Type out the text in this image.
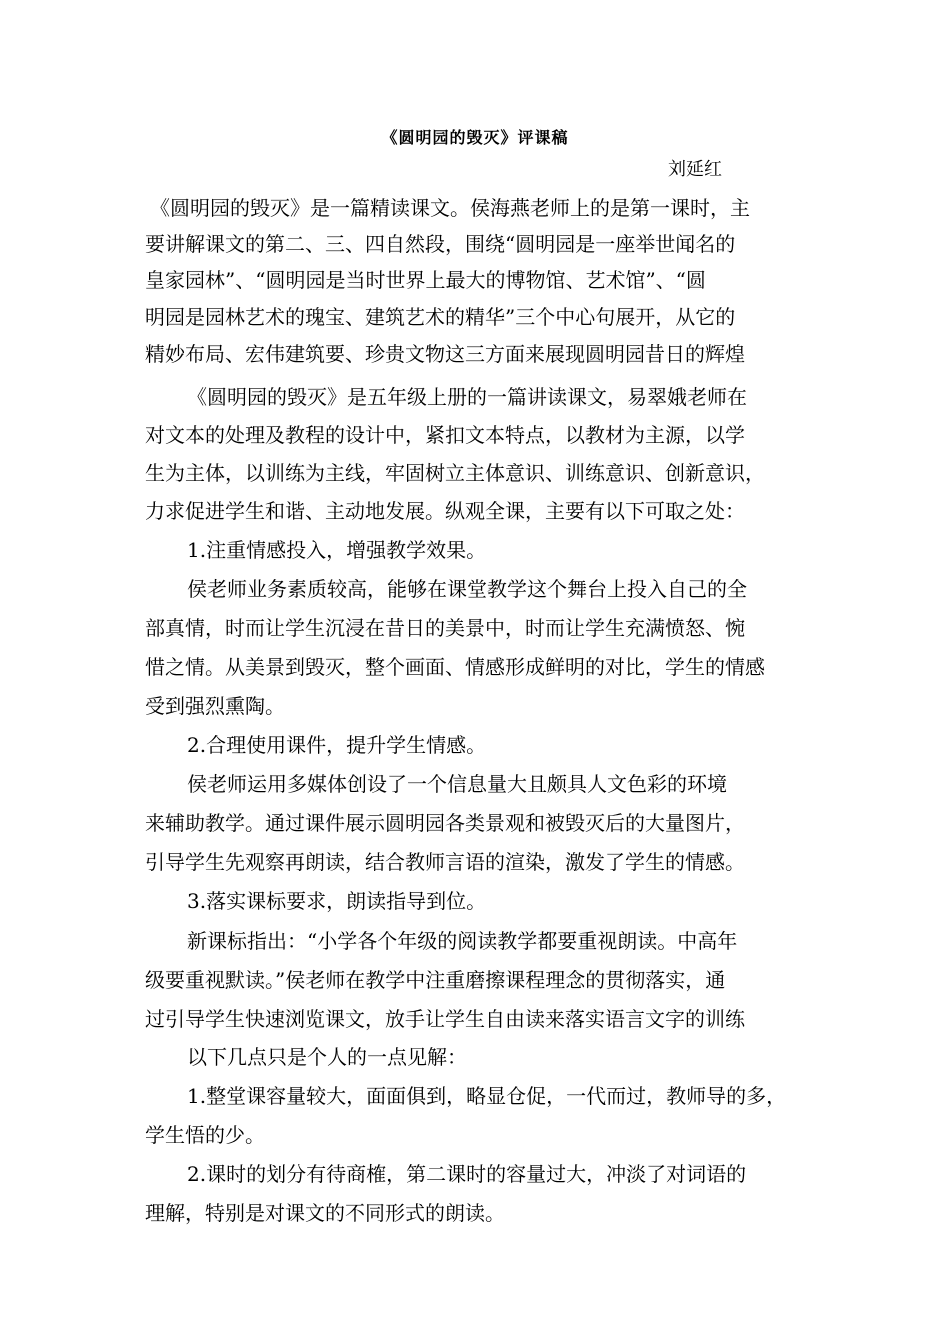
《圆明园的毁灭》评课稿
刘延红
《圆明园的毁灭》是一篇精读课文。侯海燕老师上的是第一课时，主
要讲解课文的第二、三、四自然段，围绕“圆明园是一座举世闻名的
皇家园林”、“圆明园是当时世界上最大的博物馆、艺术馆”、“圆
明园是园林艺术的瑰宝、建筑艺术的精华”三个中心句展开，从它的
精妙布局、宏伟建筑要、珍贵文物这三方面来展现圆明园昔日的辉煌
《圆明园的毁灭》是五年级上册的一篇讲读课文，易翠娥老师在
对文本的处理及教程的设计中，紧扣文本特点，以教材为主源，以学
生为主体，以训练为主线，牢固树立主体意识、训练意识、创新意识，
力求促进学生和谐、主动地发展。纵观全课，主要有以下可取之处：
1.注重情感投入，增强教学效果。
侯老师业务素质较高，能够在课堂教学这个舞台上投入自己的全
部真情，时而让学生沉浸在昔日的美景中，时而让学生充满愤怒、惋
惜之情。从美景到毁灭，整个画面、情感形成鲜明的对比，学生的情感
受到强烈熏陶。
2.合理使用课件，提升学生情感。
侯老师运用多媒体创设了一个信息量大且颇具人文色彩的环境
来辅助教学。通过课件展示圆明园各类景观和被毁灭后的大量图片，
引导学生先观察再朗读，结合教师言语的渲染，激发了学生的情感。
3.落实课标要求，朗读指导到位。
新课标指出：“小学各个年级的阅读教学都要重视朗读。中高年
级要重视默读。”侯老师在教学中注重磨擦课程理念的贯彻落实，通
过引导学生快速浏览课文，放手让学生自由读来落实语言文字的训练
以下几点只是个人的一点见解：
1.整堂课容量较大，面面俱到，略显仓促，一代而过，教师导的多，
学生悟的少。
2.课时的划分有待商榷，第二课时的容量过大，冲淡了对词语的
理解，特别是对课文的不同形式的朗读。
